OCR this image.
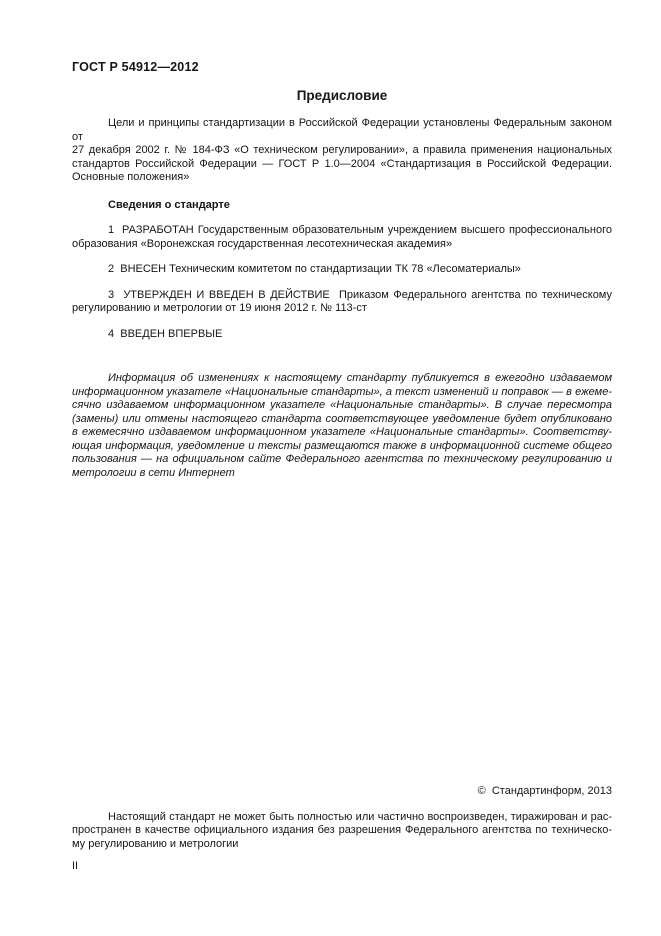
ГОСТ Р 54912—2012
Предисловие
Цели и принципы стандартизации в Российской Федерации установлены Федеральным законом от
27 декабря 2002 г. № 184-ФЗ «О техническом регулировании», а правила применения национальных
стандартов Российской Федерации — ГОСТ Р 1.0—2004 «Стандартизация в Российской Федерации.
Основные положения»
Сведения о стандарте
1  РАЗРАБОТАН Государственным образовательным учреждением высшего профессионального
образования «Воронежская государственная лесотехническая академия»
2  ВНЕСЕН Техническим комитетом по стандартизации ТК 78 «Лесоматериалы»
3  УТВЕРЖДЕН И ВВЕДЕН В ДЕЙСТВИЕ  Приказом Федерального агентства по техническому
регулированию и метрологии от 19 июня 2012 г. № 113-ст
4  ВВЕДЕН ВПЕРВЫЕ
Информация об изменениях к настоящему стандарту публикуется в ежегодно издаваемом
информационном указателе «Национальные стандарты», а текст изменений и поправок — в ежеме-
сячно издаваемом информационном указателе «Национальные стандарты». В случае пересмотра
(замены) или отмены настоящего стандарта соответствующее уведомление будет опубликовано
в ежемесячно издаваемом информационном указателе «Национальные стандарты». Соответству-
ющая информация, уведомление и тексты размещаются также в информационной системе общего
пользования — на официальном сайте Федерального агентства по техническому регулированию и
метрологии в сети Интернет
©  Стандартинформ, 2013
Настоящий стандарт не может быть полностью или частично воспроизведен, тиражирован и рас-
пространен в качестве официального издания без разрешения Федерального агентства по техническо-
му регулированию и метрологии
II
